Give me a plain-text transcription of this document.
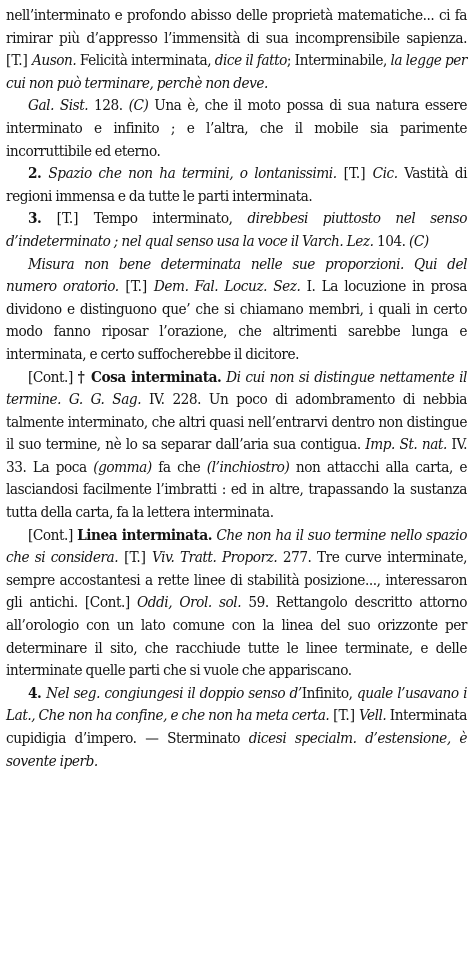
nell’interminato e profondo abisso delle proprietà matematiche... ci fa rimirar più d’appresso l’immensità di sua incomprensibile sapienza. [T.] Auson. Felicità interminata, dice il fatto; Interminabile, la legge per cui non può terminare, perchè non deve.

Gal. Sist. 128. (C) Una è, che il moto possa di sua natura essere interminato e infinito ; e l’altra, che il mobile sia parimente incorruttibile ed eterno.

2. Spazio che non ha termini, o lontanissimi. [T.] Cic. Vastità di regioni immensa e da tutte le parti interminata.

3. [T.] Tempo interminato, direbbesi piuttosto nel senso d’indeterminato ; nel qual senso usa la voce il Varch. Lez. 104. (C)

Misura non bene determinata nelle sue proporzioni. Qui del numero oratorio. [T.] Dem. Fal. Locuz. Sez. I. La locuzione in prosa dividono e distinguono que’ che si chiamano membri, i quali in certo modo fanno riposar l’orazione, che altrimenti sarebbe lunga e interminata, e certo suffocherebbe il dicitore.

[Cont.] † Cosa interminata. Di cui non si distingue nettamente il termine. G. G. Sag. IV. 228. Un poco di adombramento di nebbia talmente interminato, che altri quasi nell’entrarvi dentro non distingue il suo termine, nè lo sa separar dall’aria sua contigua. Imp. St. nat. IV. 33. La poca (gomma) fa che (l’inchiostro) non attacchi alla carta, e lasciandosi facilmente l’imbratti : ed in altre, trapassando la sustanza tutta della carta, fa la lettera interminata.

[Cont.] Linea interminata. Che non ha il suo termine nello spazio che si considera. [T.] Viv. Tratt. Proporz. 277. Tre curve interminate, sempre accostantesi a rette linee di stabilità posizione..., interessaron gli antichi. [Cont.] Oddi, Orol. sol. 59. Rettangolo descritto attorno all’orologio con un lato comune con la linea del suo orizzonte per determinare il sito, che racchiude tutte le linee terminate, e delle interminate quelle parti che si vuole che appariscano.

4. Nel seg. congiungesi il doppio senso d’Infinito, quale l’usavano i Lat., Che non ha confine, e che non ha meta certa. [T.] Vell. Interminata cupidigia d’impero. — Sterminato dicesi specialm. d’estensione, è sovente iperb.
